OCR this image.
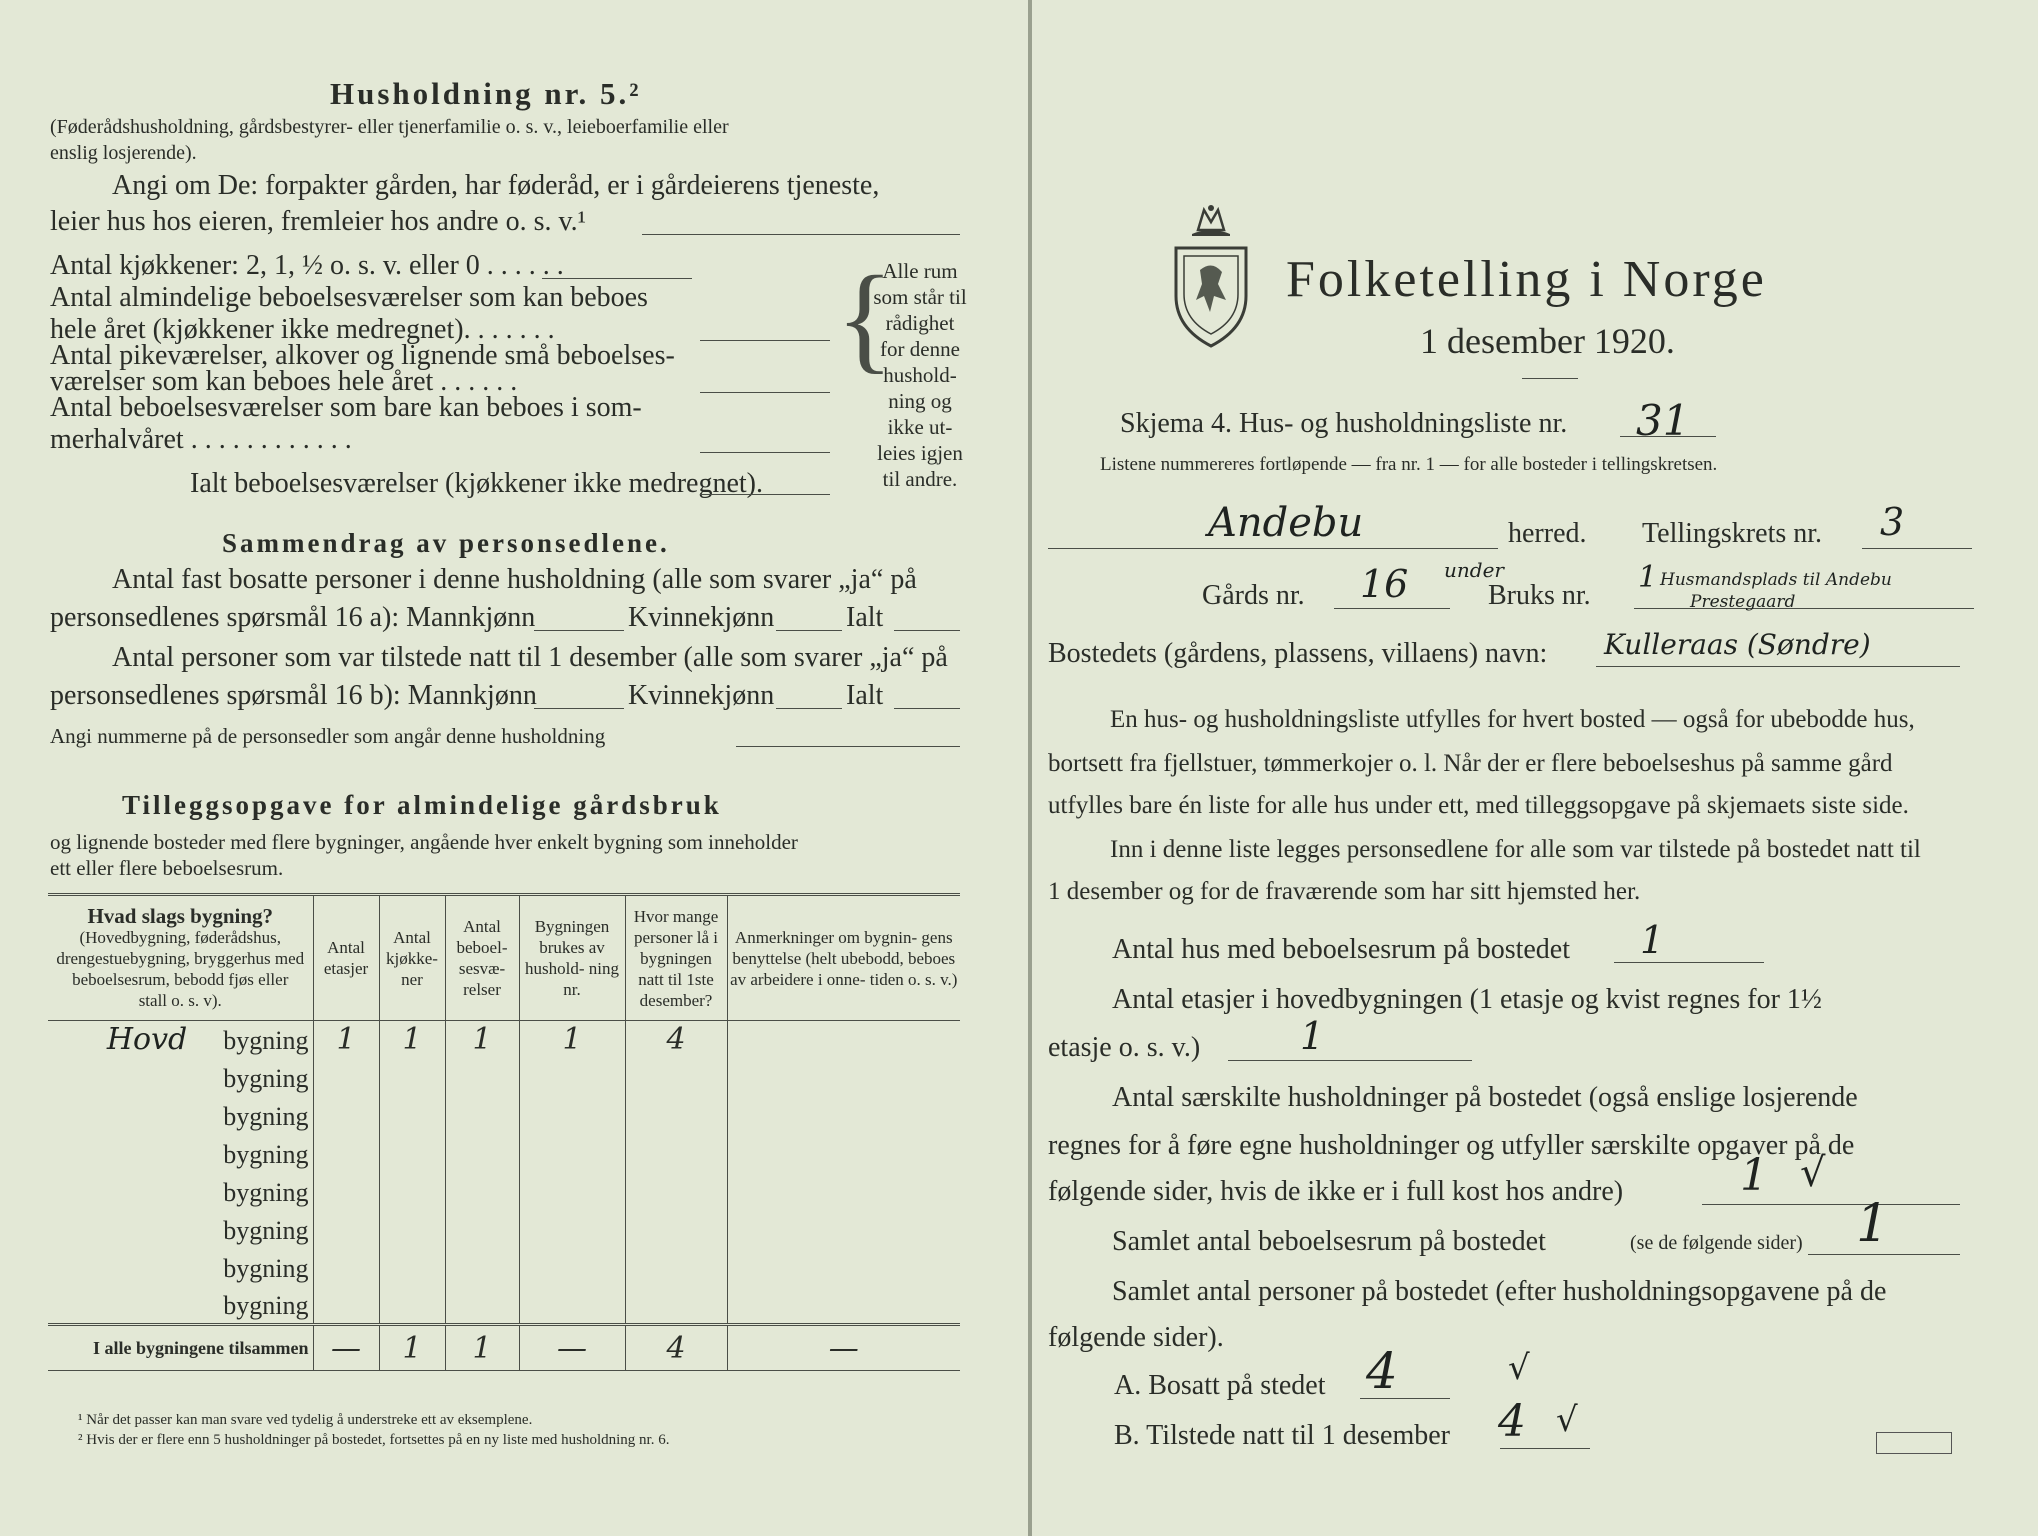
Husholdning nr. 5.²
(Føderådshusholdning, gårdsbestyrer- eller tjenerfamilie o. s. v., leieboerfamilie eller
enslig losjerende).
Angi om De: forpakter gården, har føderåd, er i gårdeierens tjeneste,
leier hus hos eieren, fremleier hos andre o. s. v.¹
Antal kjøkkener: 2, 1, ½ o. s. v. eller 0 . . . . . .
Antal almindelige beboelsesværelser som kan beboes
hele året (kjøkkener ikke medregnet). . . . . . .
Antal pikeværelser, alkover og lignende små beboelses-
værelser som kan beboes hele året . . . . . .
Antal beboelsesværelser som bare kan beboes i som-
merhalvåret . . . . . . . . . . . .
Ialt beboelsesværelser (kjøkkener ikke medregnet).
{
Alle rum
som står til
rådighet
for denne
hushold-
ning og
ikke ut-
leies igjen
til andre.
Sammendrag av personsedlene.
Antal fast bosatte personer i denne husholdning (alle som svarer „ja“ på
personsedlenes spørsmål 16 a): Mannkjønn	Kvinnekjønn	Ialt
Antal personer som var tilstede natt til 1 desember (alle som svarer „ja“ på
personsedlenes spørsmål 16 b): Mannkjønn	Kvinnekjønn	Ialt
Angi nummerne på de personsedler som angår denne husholdning
Tilleggsopgave for almindelige gårdsbruk
og lignende bosteder med flere bygninger, angående hver enkelt bygning som inneholder
ett eller flere beboelsesrum.
Hvad slags bygning?
(Hovedbygning, føderådshus, drengestuebygning, bryggerhus med beboelsesrum, bebodd fjøs eller stall o. s. v).	Antal etasjer	Antal kjøkke- ner	Antal beboel- sesvæ- relser	Bygningen brukes av hushold- ning nr.	Hvor mange personer lå i bygningen natt til 1ste desember?	Anmerkninger om bygnin- gens benyttelse (helt ubebodd, beboes av arbeidere i onne- tiden o. s. v.)
Hovd bygning	1	1	1	1	4	
bygning						
bygning						
bygning						
bygning						
bygning						
bygning						
bygning						
I alle bygningene tilsammen	—	1	1	—	4	—
¹ Når det passer kan man svare ved tydelig å understreke ett av eksemplene.
² Hvis der er flere enn 5 husholdninger på bostedet, fortsettes på en ny liste med husholdning nr. 6.
Folketelling i Norge
1 desember 1920.
Skjema 4. Hus- og husholdningsliste nr. 31
Listene nummereres fortløpende — fra nr. 1 — for alle bosteder i tellingskretsen.
Andebu	herred. Tellingskrets nr. 3
Gårds nr. 16 under
Bruks nr.
1 Husmandsplads til Andebu
Prestegaard
Bostedets (gårdens, plassens, villaens) navn: Kulleraas (Søndre)
En hus- og husholdningsliste utfylles for hvert bosted — også for ubebodde hus,
bortsett fra fjellstuer, tømmerkojer o. l. Når der er flere beboelseshus på samme gård
utfylles bare én liste for alle hus under ett, med tilleggsopgave på skjemaets siste side.
Inn i denne liste legges personsedlene for alle som var tilstede på bostedet natt til
1 desember og for de fraværende som har sitt hjemsted her.
Antal hus med beboelsesrum på bostedet 1
Antal etasjer i hovedbygningen (1 etasje og kvist regnes for 1½
etasje o. s. v.)	1
Antal særskilte husholdninger på bostedet (også enslige losjerende
regnes for å føre egne husholdninger og utfyller særskilte opgaver på de
følgende sider, hvis de ikke er i full kost hos andre)	1 √
Samlet antal beboelsesrum på bostedet	(se de følgende sider) 1
Samlet antal personer på bostedet (efter husholdningsopgavene på de
følgende sider).
A. Bosatt på stedet 4	√
B. Tilstede natt til 1 desember 4 √
